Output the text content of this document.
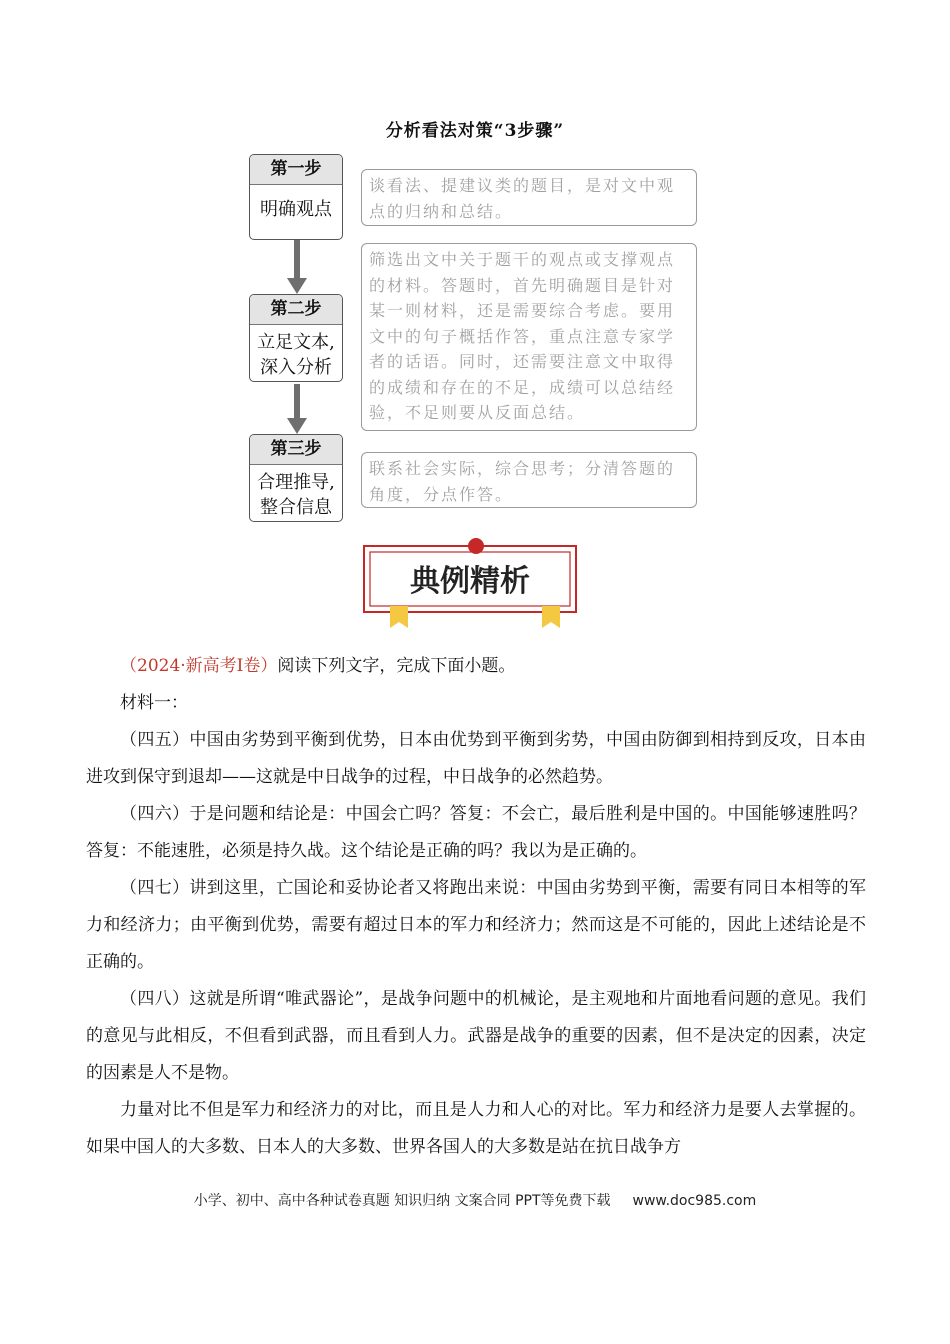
分析看法对策“3步骤”
第一步
明确观点
谈看法、提建议类的题目，是对文中观点的归纳和总结。
第二步
立足文本,
深入分析
筛选出文中关于题干的观点或支撑观点的材料。答题时，首先明确题目是针对某一则材料，还是需要综合考虑。要用文中的句子概括作答，重点注意专家学者的话语。同时，还需要注意文中取得的成绩和存在的不足，成绩可以总结经验，不足则要从反面总结。
第三步
合理推导,
整合信息
联系社会实际，综合思考；分清答题的角度，分点作答。
典例精析

（2024·新高考I卷）阅读下列文字，完成下面小题。

材料一：

（四五）中国由劣势到平衡到优势，日本由优势到平衡到劣势，中国由防御到相持到反攻，日本由进攻到保守到退却——这就是中日战争的过程，中日战争的必然趋势。

（四六）于是问题和结论是：中国会亡吗？答复：不会亡，最后胜利是中国的。中国能够速胜吗？答复：不能速胜，必须是持久战。这个结论是正确的吗？我以为是正确的。

（四七）讲到这里，亡国论和妥协论者又将跑出来说：中国由劣势到平衡，需要有同日本相等的军力和经济力；由平衡到优势，需要有超过日本的军力和经济力；然而这是不可能的，因此上述结论是不正确的。

（四八）这就是所谓“唯武器论”，是战争问题中的机械论，是主观地和片面地看问题的意见。我们的意见与此相反，不但看到武器，而且看到人力。武器是战争的重要的因素，但不是决定的因素，决定的因素是人不是物。

力量对比不但是军力和经济力的对比，而且是人力和人心的对比。军力和经济力是要人去掌握的。如果中国人的大多数、日本人的大多数、世界各国人的大多数是站在抗日战争方

小学、初中、高中各种试卷真题 知识归纳 文案合同 PPT等免费下载 www.doc985.com
